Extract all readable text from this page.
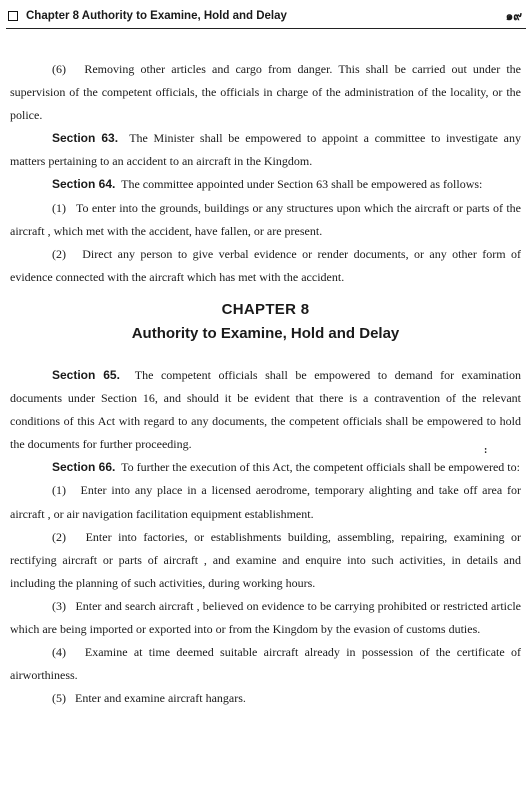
Chapter 8 Authority to Examine, Hold and Delay	๑๙

(6)   Removing other articles and cargo from danger. This shall be carried out under the supervision of the competent officials, the officials in charge of the administration of the locality, or the police.

Section 63.  The Minister shall be empowered to appoint a committee to investigate any matters pertaining to an accident to an aircraft in the Kingdom.

Section 64.  The committee appointed under Section 63 shall be empowered as follows:

(1)   To enter into the grounds, buildings or any structures upon which the aircraft or parts of the aircraft , which met with the accident, have fallen, or are present.

(2)   Direct any person to give verbal evidence or render documents, or any other form of evidence connected with the aircraft which has met with the accident.

CHAPTER 8

Authority to Examine, Hold and Delay

Section 65.  The competent officials shall be empowered to demand for examination documents under Section 16, and should it be evident that there is a contravention of the relevant conditions of this Act with regard to any documents, the competent officials shall be empowered to hold the documents for further proceeding.

Section 66.  To further the execution of this Act, the competent officials shall be empowered to:

(1)   Enter into any place in a licensed aerodrome, temporary alighting and take off area for aircraft , or air navigation facilitation equipment establishment.

(2)   Enter into factories, or establishments building, assembling, repairing, examining or rectifying aircraft or parts of aircraft , and examine and enquire into such activities, in details and including the planning of such activities, during working hours.

(3)   Enter and search aircraft , believed on evidence to be carrying prohibited or restricted article which are being imported or exported into or from the Kingdom by the evasion of customs duties.

(4)   Examine at time deemed suitable aircraft already in possession of the certificate of airworthiness.

(5)   Enter and examine aircraft hangars.

:
